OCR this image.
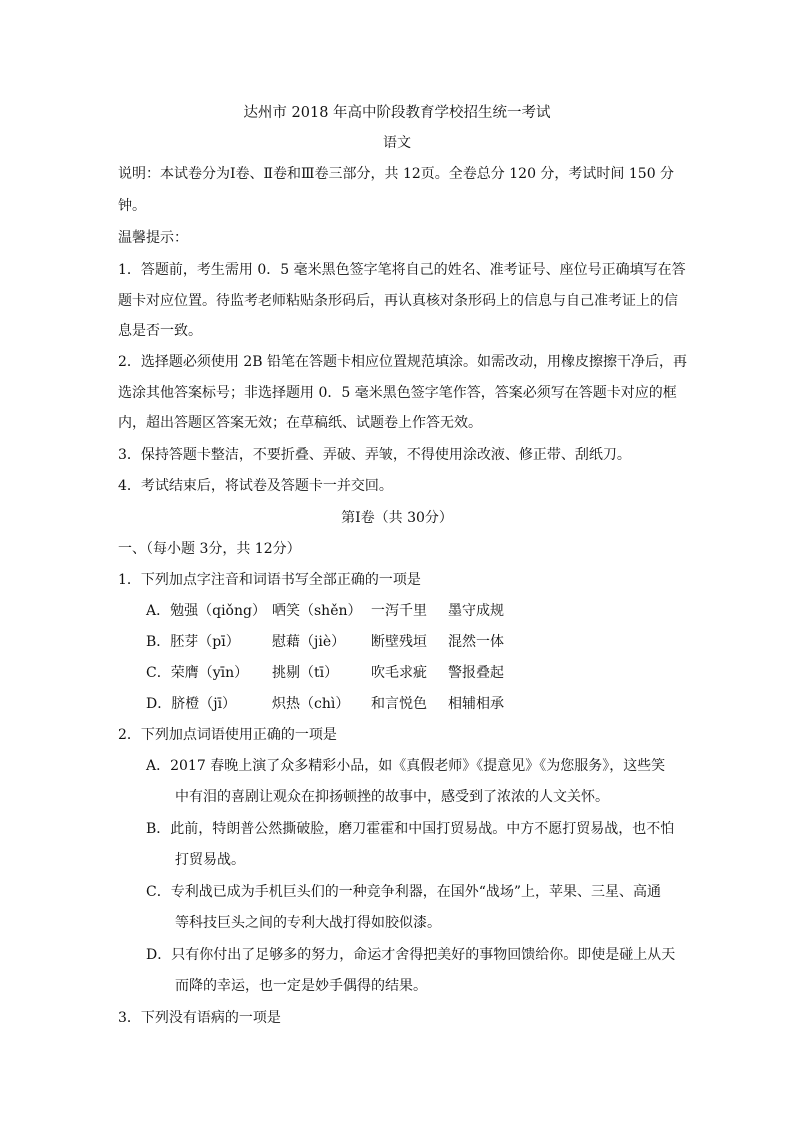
达州市 2018 年高中阶段教育学校招生统一考试
语文
说明：本试卷分为Ⅰ卷、Ⅱ卷和Ⅲ卷三部分，共 12页。全卷总分 120 分，考试时间 150 分
钟。
温馨提示：
1．答题前，考生需用 0．5 毫米黑色签字笔将自己的姓名、准考证号、座位号正确填写在答
题卡对应位置。待监考老师粘贴条形码后，再认真核对条形码上的信息与自己准考证上的信
息是否一致。
2．选择题必须使用 2B 铅笔在答题卡相应位置规范填涂。如需改动，用橡皮擦擦干净后，再
选涂其他答案标号；非选择题用 0．5 毫米黑色签字笔作答，答案必须写在答题卡对应的框
内，超出答题区答案无效；在草稿纸、试题卷上作答无效。
3．保持答题卡整洁，不要折叠、弄破、弄皱，不得使用涂改液、修正带、刮纸刀。
4．考试结束后，将试卷及答题卡一并交回。
第Ⅰ卷（共 30分）
一、（每小题 3分，共 12分）
1．下列加点字注音和词语书写全部正确的一项是
A．勉强（qiǒng） 哂笑（shěn） 一泻千里 墨守成规
B．胚芽（pī） 慰藉（jiè） 断壁残垣 混然一体
C．荣膺（yīn） 挑剔（tī） 吹毛求疵 警报叠起
D．脐橙（jī）	炽热（chì） 和言悦色 相辅相承
2．下列加点词语使用正确的一项是
A．2017 春晚上演了众多精彩小品，如《真假老师》《提意见》《为您服务》，这些笑
中有泪的喜剧让观众在抑扬顿挫的故事中，感受到了浓浓的人文关怀。
B．此前，特朗普公然撕破脸，磨刀霍霍和中国打贸易战。中方不愿打贸易战，也不怕
打贸易战。
C．专利战已成为手机巨头们的一种竞争利器，在国外“战场”上，苹果、三星、高通
等科技巨头之间的专利大战打得如胶似漆。
D．只有你付出了足够多的努力，命运才舍得把美好的事物回馈给你。即使是碰上从天
而降的幸运，也一定是妙手偶得的结果。
3．下列没有语病的一项是
